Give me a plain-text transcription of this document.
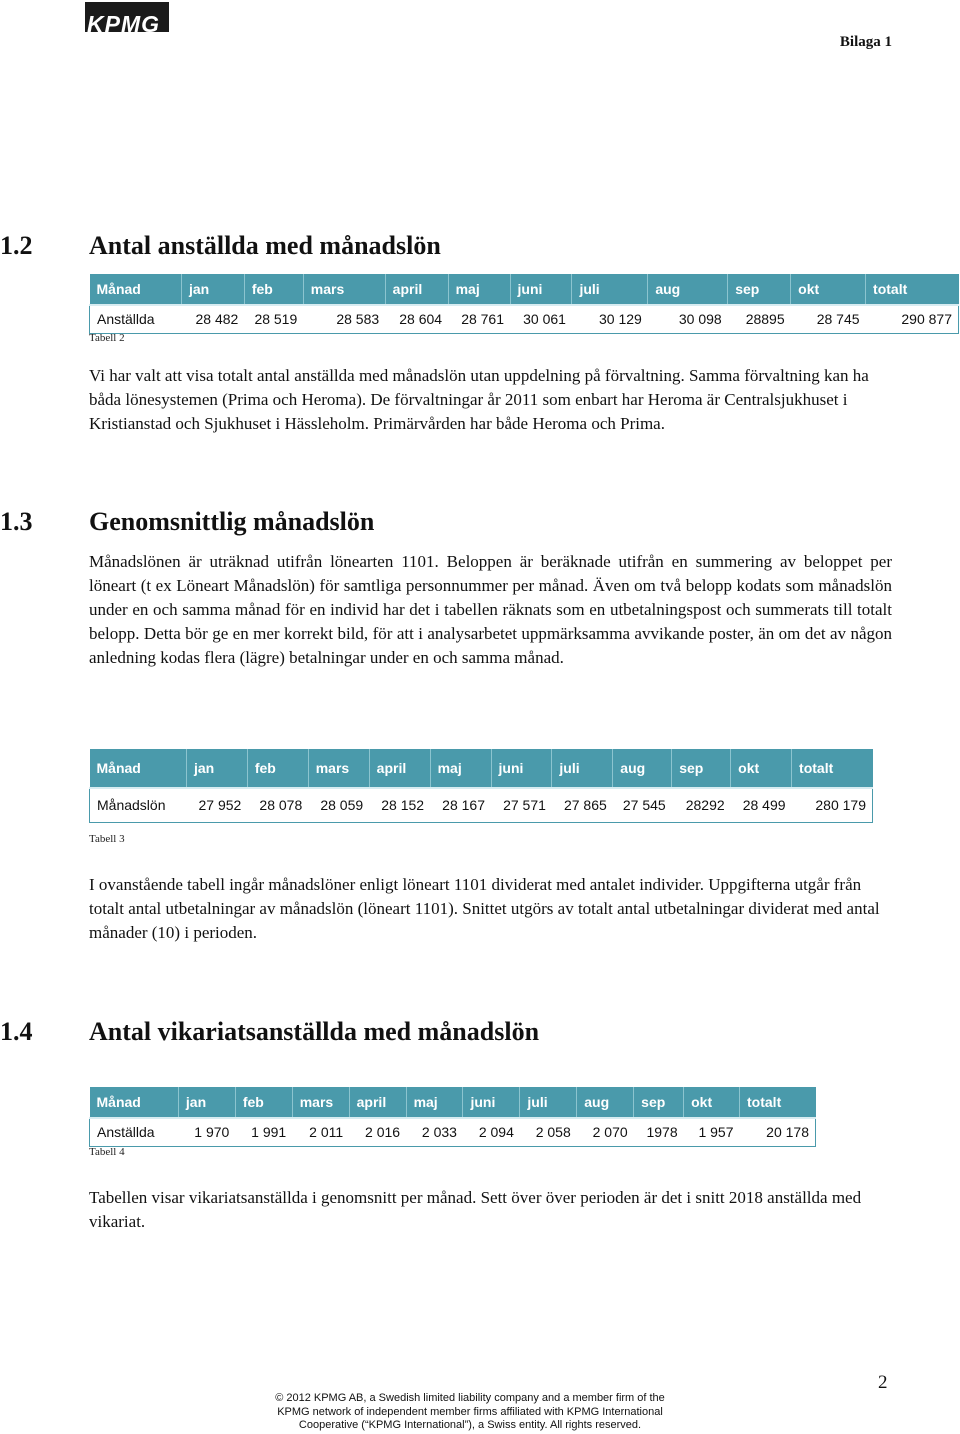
KPMG
Bilaga 1
1.2 Antal anställda med månadslön
Månad	jan	feb	mars	april	maj	juni	juli	aug	sep	okt	totalt
Anställda	28 482	28 519	28 583	28 604	28 761	30 061	30 129	30 098	28895	28 745	290 877
Tabell 2
Vi har valt att visa totalt antal anställda med månadslön utan uppdelning på förvaltning. Samma förvaltning kan ha båda lönesystemen (Prima och Heroma). De förvaltningar år 2011 som enbart har Heroma är Centralsjukhuset i Kristianstad och Sjukhuset i Hässleholm. Primärvården har både Heroma och Prima.
1.3 Genomsnittlig månadslön
Månadslönen är uträknad utifrån lönearten 1101. Beloppen är beräknade utifrån en summering av beloppet per löneart (t ex Löneart Månadslön) för samtliga personnummer per månad. Även om två belopp kodats som månadslön under en och samma månad för en individ har det i tabellen räknats som en utbetalningspost och summerats till totalt belopp. Detta bör ge en mer korrekt bild, för att i analysarbetet uppmärksamma avvikande poster, än om det av någon anledning kodas flera (lägre) betalningar under en och samma månad.
Månad	jan	feb	mars	april	maj	juni	juli	aug	sep	okt	totalt
Månadslön	27 952	28 078	28 059	28 152	28 167	27 571	27 865	27 545	28292	28 499	280 179
Tabell 3
I ovanstående tabell ingår månadslöner enligt löneart 1101 dividerat med antalet individer. Uppgifterna utgår från totalt antal utbetalningar av månadslön (löneart 1101). Snittet utgörs av totalt antal utbetalningar dividerat med antal månader (10) i perioden.
1.4 Antal vikariatsanställda med månadslön
Månad	jan	feb	mars	april	maj	juni	juli	aug	sep	okt	totalt
Anställda	1 970	1 991	2 011	2 016	2 033	2 094	2 058	2 070	1978	1 957	20 178
Tabell 4
Tabellen visar vikariatsanställda i genomsnitt per månad. Sett över över perioden är det i snitt 2018 anställda med vikariat.
2
© 2012 KPMG AB, a Swedish limited liability company and a member firm of the
KPMG network of independent member firms affiliated with KPMG International
Cooperative (“KPMG International”), a Swiss entity. All rights reserved.
